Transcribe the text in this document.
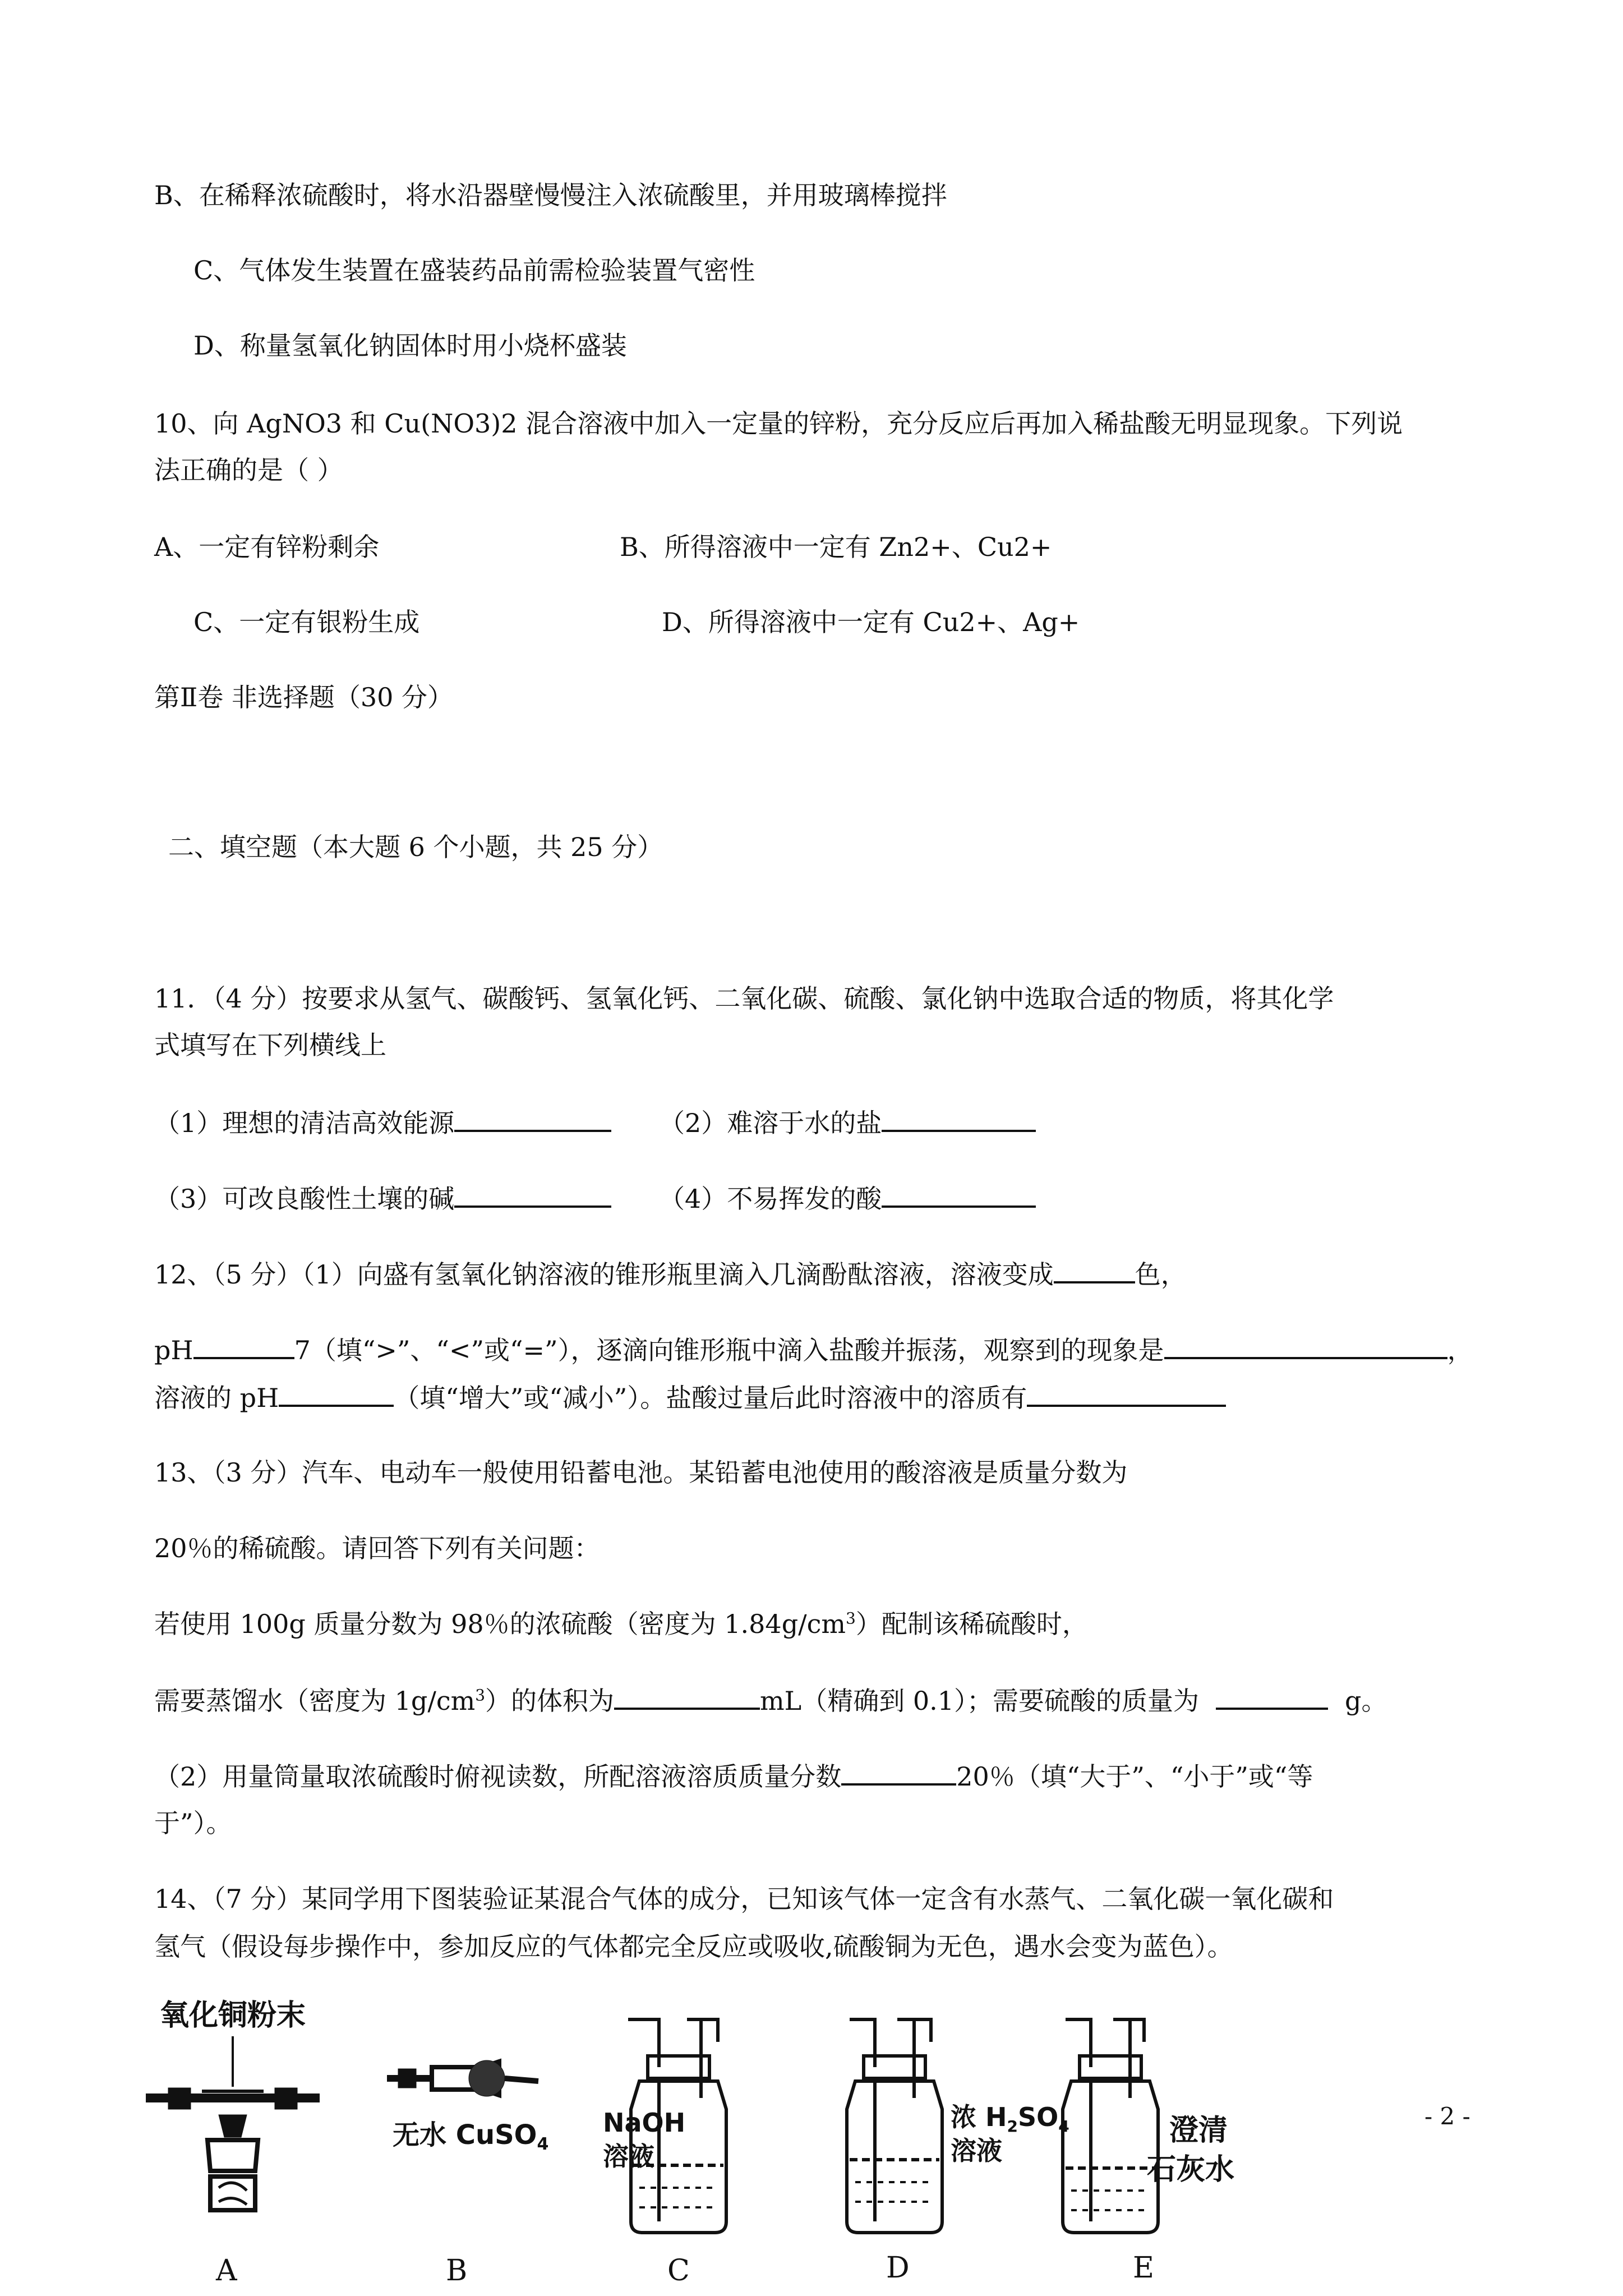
B、在稀释浓硫酸时，将水沿器壁慢慢注入浓硫酸里，并用玻璃棒搅拌
C、气体发生装置在盛装药品前需检验装置气密性
D、称量氢氧化钠固体时用小烧杯盛装
10、向 AgNO3 和 Cu(NO3)2 混合溶液中加入一定量的锌粉，充分反应后再加入稀盐酸无明显现象。下列说
法正确的是（ ）
A、一定有锌粉剩余	B、所得溶液中一定有 Zn2+、Cu2+
C、一定有银粉生成	D、所得溶液中一定有 Cu2+、Ag+
第Ⅱ卷 非选择题（30 分）
二、填空题（本大题 6 个小题，共 25 分）
11．（4 分）按要求从氢气、碳酸钙、氢氧化钙、二氧化碳、硫酸、氯化钠中选取合适的物质，将其化学
式填写在下列横线上
（1）理想的清洁高效能源	（2）难溶于水的盐
（3）可改良酸性土壤的碱	（4）不易挥发的酸
12、（5 分）（1）向盛有氢氧化钠溶液的锥形瓶里滴入几滴酚酞溶液，溶液变成	色，
pH	7（填“>”、“<”或“=”），逐滴向锥形瓶中滴入盐酸并振荡，观察到的现象是	，
溶液的 pH	（填“增大”或“减小”）。盐酸过量后此时溶液中的溶质有
13、（3 分）汽车、电动车一般使用铅蓄电池。某铅蓄电池使用的酸溶液是质量分数为
20％的稀硫酸。请回答下列有关问题：
若使用 100g 质量分数为 98％的浓硫酸（密度为 $1.84g/cm^3$）配制该稀硫酸时，
需要蒸馏水（密度为 $1g/cm^3$）的体积为	mL（精确到 0.1）；需要硫酸的质量为	g。
（2）用量筒量取浓硫酸时俯视读数，所配溶液溶质质量分数	20％（填“大于”、“小于”或“等
于”）。
14、（7 分）某同学用下图装验证某混合气体的成分，已知该气体一定含有水蒸气、二氧化碳一氧化碳和
氢气（假设每步操作中，参加反应的气体都完全反应或吸收,硫酸铜为无色，遇水会变为蓝色）。
氧化铜粉末
无水 CuSO$_4$
NaOH
溶液
浓 $H_2SO_4$
溶液
澄清
石灰水
A	B	C	D	E
- 2 -
